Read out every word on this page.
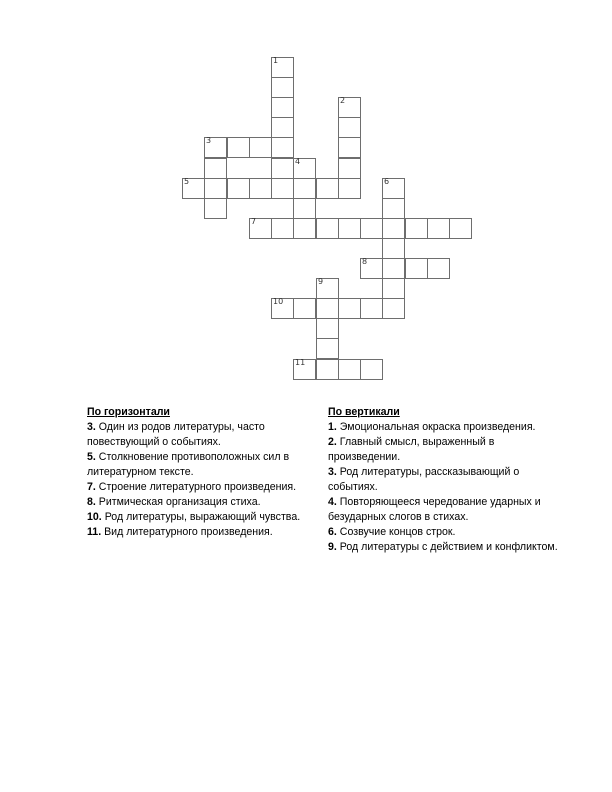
1
2
3
4
5	6
7
8
9
10
11
По горизонтали
3. Один из родов литературы, часто повествующий о событиях.
5. Столкновение противоположных сил в литературном тексте.
7. Строение литературного произведения.
8. Ритмическая организация стиха.
10. Род литературы, выражающий чувства.
11. Вид литературного произведения.
По вертикали
1. Эмоциональная окраска произведения.
2. Главный смысл, выраженный в произведении.
3. Род литературы, рассказывающий о событиях.
4. Повторяющееся чередование ударных и безударных слогов в стихах.
6. Созвучие концов строк.
9. Род литературы с действием и конфликтом.
